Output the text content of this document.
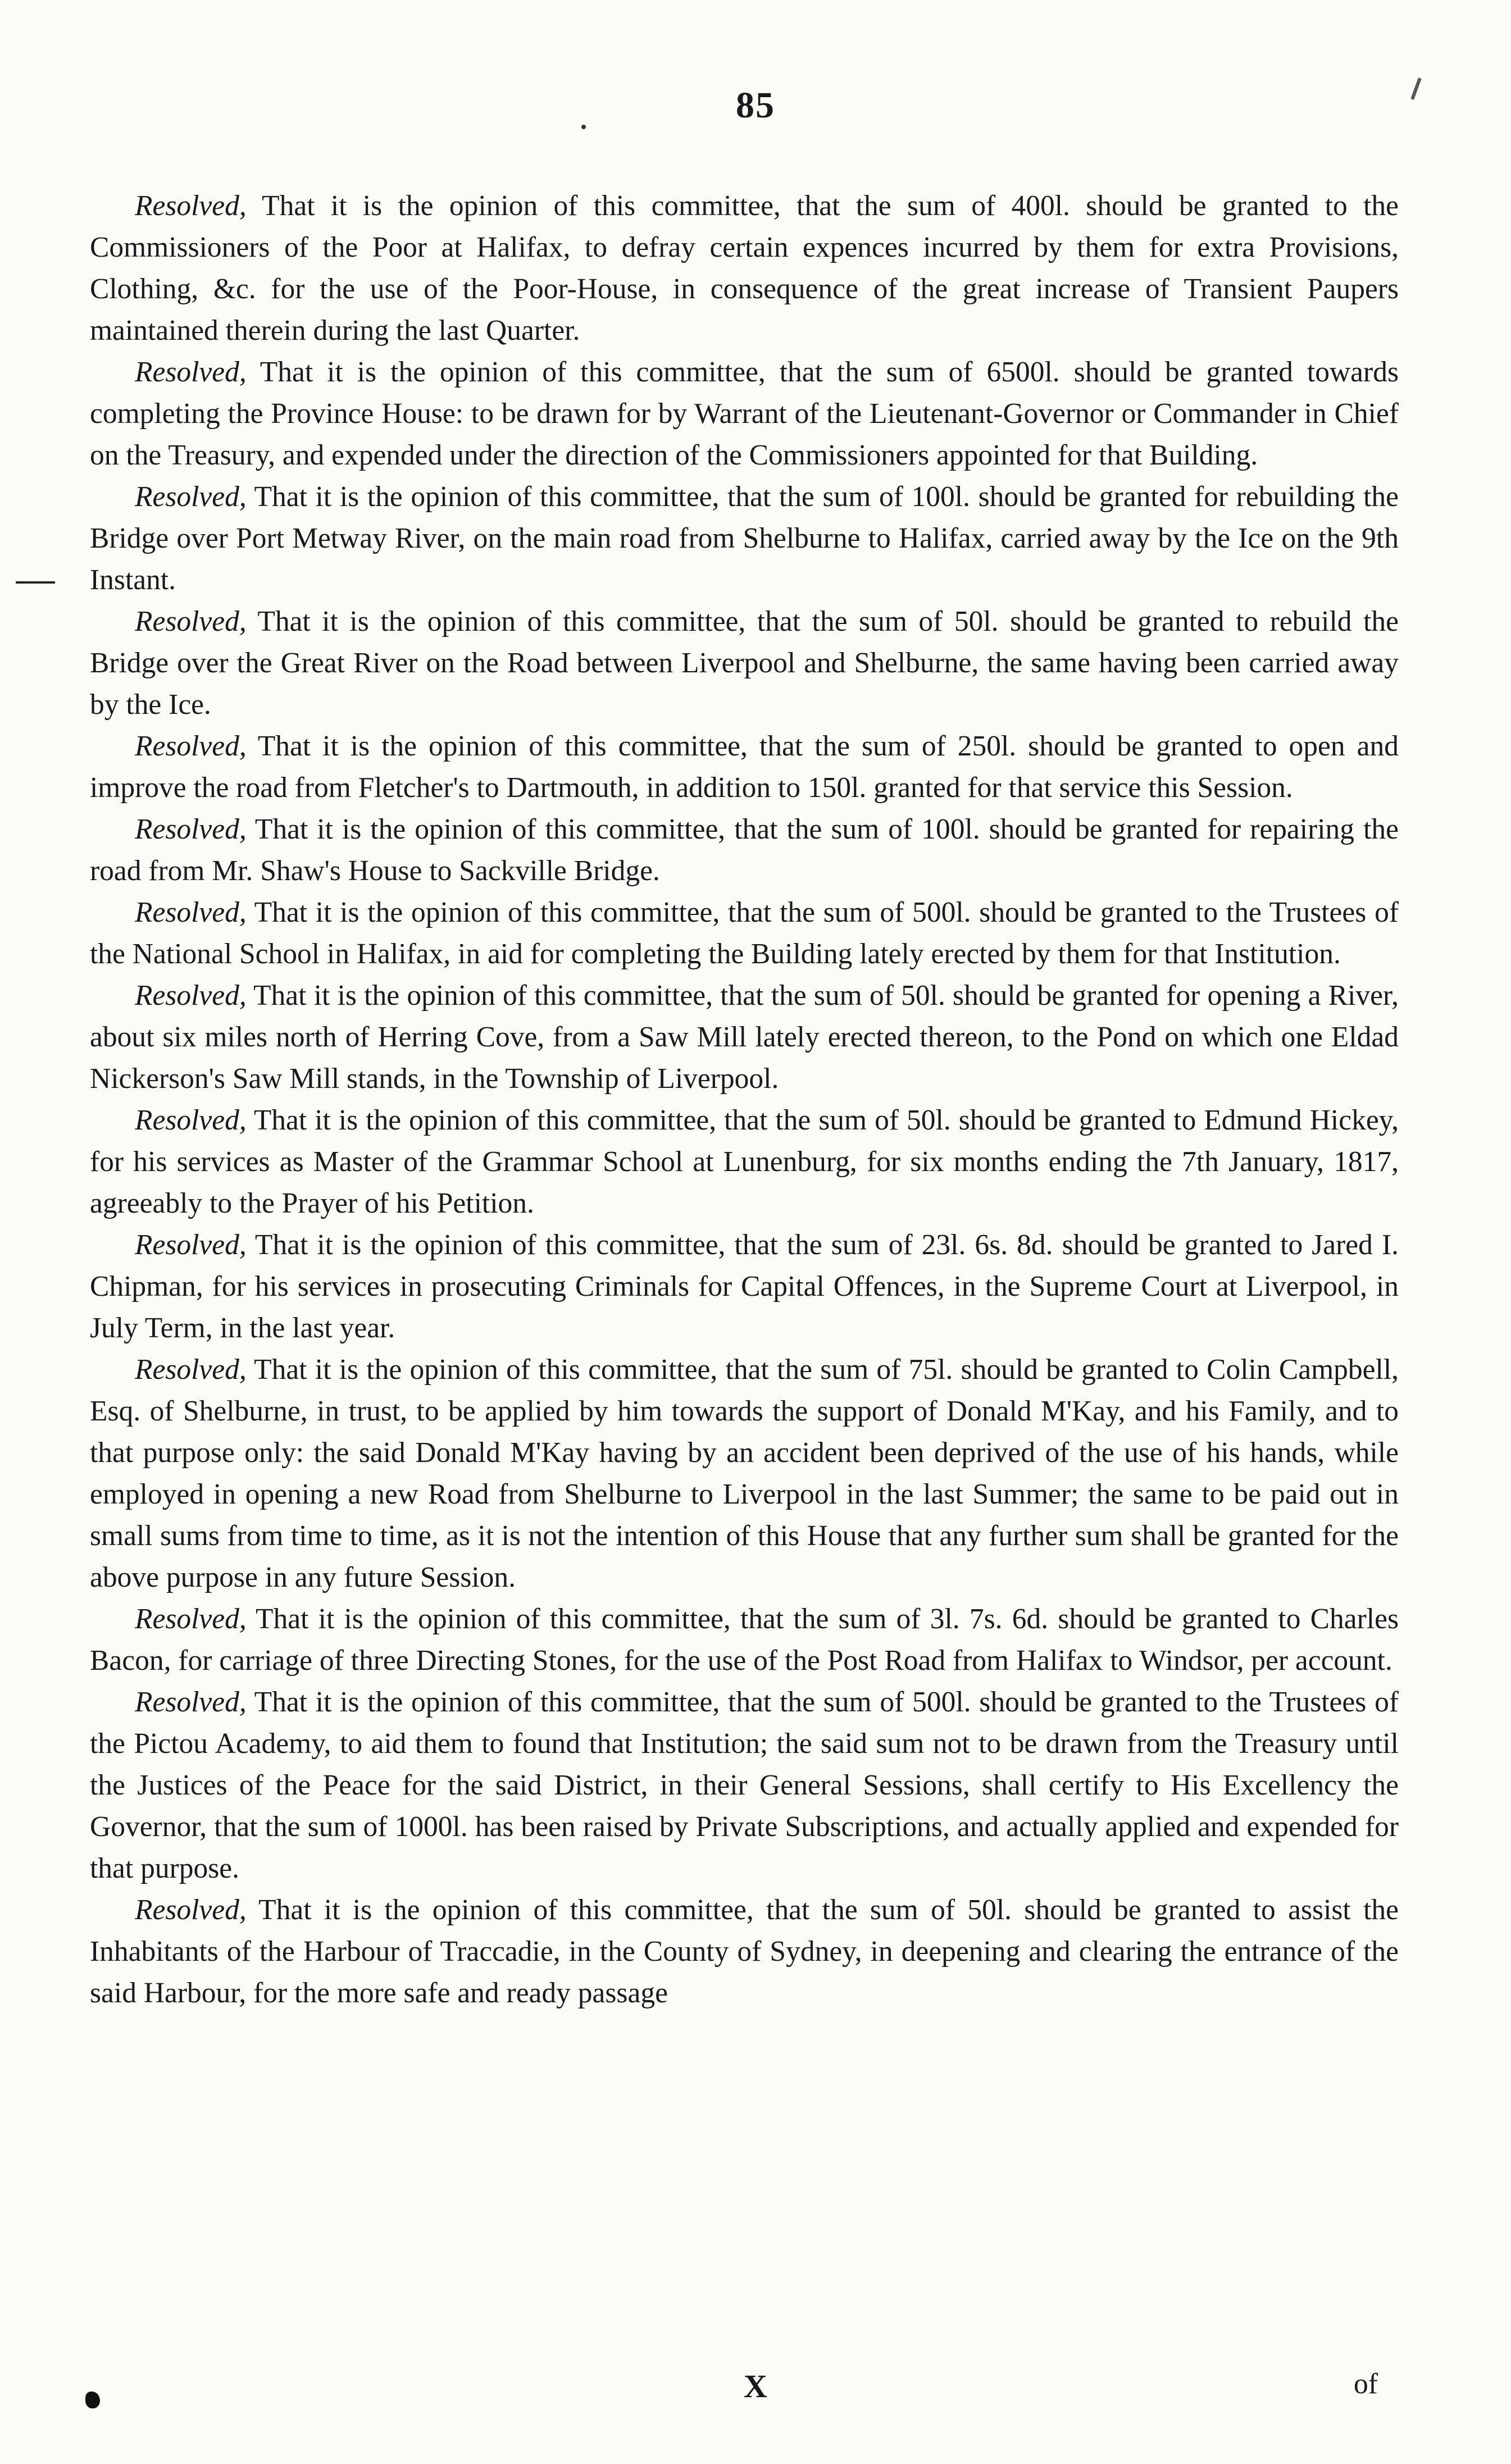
85

Resolved, That it is the opinion of this committee, that the sum of 400l. should be granted to the Commissioners of the Poor at Halifax, to defray certain expences incurred by them for extra Provisions, Clothing, &c. for the use of the Poor-House, in consequence of the great increase of Transient Paupers maintained therein during the last Quarter.

Resolved, That it is the opinion of this committee, that the sum of 6500l. should be granted towards completing the Province House: to be drawn for by Warrant of the Lieutenant-Governor or Commander in Chief on the Treasury, and expended under the direction of the Commissioners appointed for that Building.

Resolved, That it is the opinion of this committee, that the sum of 100l. should be granted for rebuilding the Bridge over Port Metway River, on the main road from Shelburne to Halifax, carried away by the Ice on the 9th Instant.

Resolved, That it is the opinion of this committee, that the sum of 50l. should be granted to rebuild the Bridge over the Great River on the Road between Liverpool and Shelburne, the same having been carried away by the Ice.

Resolved, That it is the opinion of this committee, that the sum of 250l. should be granted to open and improve the road from Fletcher's to Dartmouth, in addition to 150l. granted for that service this Session.

Resolved, That it is the opinion of this committee, that the sum of 100l. should be granted for repairing the road from Mr. Shaw's House to Sackville Bridge.

Resolved, That it is the opinion of this committee, that the sum of 500l. should be granted to the Trustees of the National School in Halifax, in aid for completing the Building lately erected by them for that Institution.

Resolved, That it is the opinion of this committee, that the sum of 50l. should be granted for opening a River, about six miles north of Herring Cove, from a Saw Mill lately erected thereon, to the Pond on which one Eldad Nickerson's Saw Mill stands, in the Township of Liverpool.

Resolved, That it is the opinion of this committee, that the sum of 50l. should be granted to Edmund Hickey, for his services as Master of the Grammar School at Lunenburg, for six months ending the 7th January, 1817, agreeably to the Prayer of his Petition.

Resolved, That it is the opinion of this committee, that the sum of 23l. 6s. 8d. should be granted to Jared I. Chipman, for his services in prosecuting Criminals for Capital Offences, in the Supreme Court at Liverpool, in July Term, in the last year.

Resolved, That it is the opinion of this committee, that the sum of 75l. should be granted to Colin Campbell, Esq. of Shelburne, in trust, to be applied by him towards the support of Donald M'Kay, and his Family, and to that purpose only: the said Donald M'Kay having by an accident been deprived of the use of his hands, while employed in opening a new Road from Shelburne to Liverpool in the last Summer; the same to be paid out in small sums from time to time, as it is not the intention of this House that any further sum shall be granted for the above purpose in any future Session.

Resolved, That it is the opinion of this committee, that the sum of 3l. 7s. 6d. should be granted to Charles Bacon, for carriage of three Directing Stones, for the use of the Post Road from Halifax to Windsor, per account.

Resolved, That it is the opinion of this committee, that the sum of 500l. should be granted to the Trustees of the Pictou Academy, to aid them to found that Institution; the said sum not to be drawn from the Treasury until the Justices of the Peace for the said District, in their General Sessions, shall certify to His Excellency the Governor, that the sum of 1000l. has been raised by Private Subscriptions, and actually applied and expended for that purpose.

Resolved, That it is the opinion of this committee, that the sum of 50l. should be granted to assist the Inhabitants of the Harbour of Traccadie, in the County of Sydney, in deepening and clearing the entrance of the said Harbour, for the more safe and ready passage

X	of
